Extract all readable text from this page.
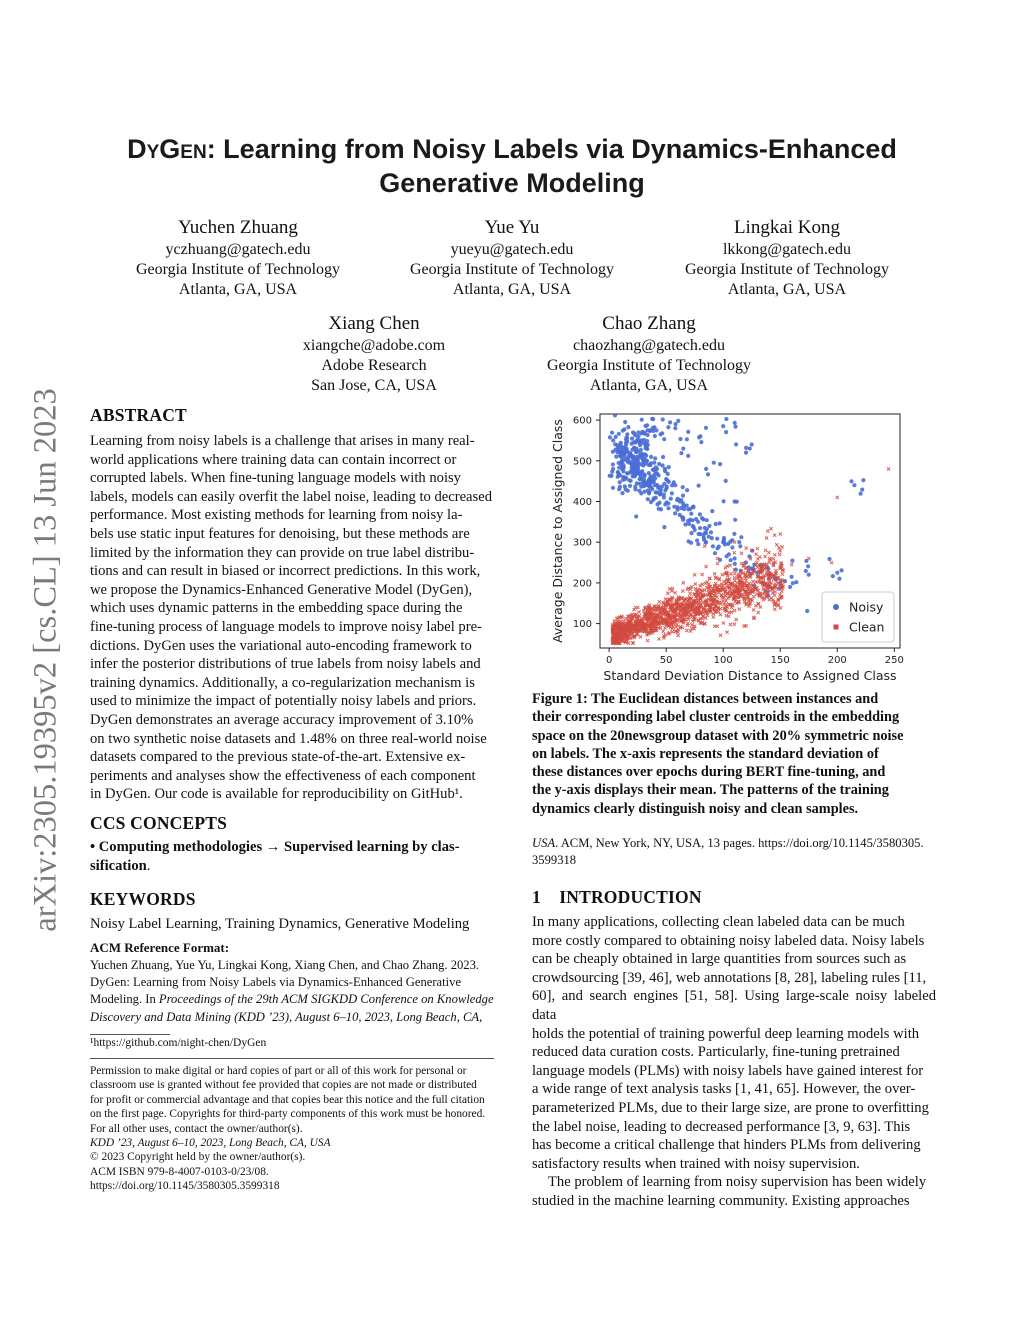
arXiv:2305.19395v2 [cs.CL] 13 Jun 2023
DyGen: Learning from Noisy Labels via Dynamics-Enhanced
Generative Modeling
Yuchen Zhuang
yczhuang@gatech.edu
Georgia Institute of Technology
Atlanta, GA, USA
Yue Yu
yueyu@gatech.edu
Georgia Institute of Technology
Atlanta, GA, USA
Lingkai Kong
lkkong@gatech.edu
Georgia Institute of Technology
Atlanta, GA, USA
Xiang Chen
xiangche@adobe.com
Adobe Research
San Jose, CA, USA
Chao Zhang
chaozhang@gatech.edu
Georgia Institute of Technology
Atlanta, GA, USA
ABSTRACT
Learning from noisy labels is a challenge that arises in many real-
world applications where training data can contain incorrect or
corrupted labels. When fine-tuning language models with noisy
labels, models can easily overfit the label noise, leading to decreased
performance. Most existing methods for learning from noisy la-
bels use static input features for denoising, but these methods are
limited by the information they can provide on true label distribu-
tions and can result in biased or incorrect predictions. In this work,
we propose the Dynamics-Enhanced Generative Model (DyGen),
which uses dynamic patterns in the embedding space during the
fine-tuning process of language models to improve noisy label pre-
dictions. DyGen uses the variational auto-encoding framework to
infer the posterior distributions of true labels from noisy labels and
training dynamics. Additionally, a co-regularization mechanism is
used to minimize the impact of potentially noisy labels and priors.
DyGen demonstrates an average accuracy improvement of 3.10%
on two synthetic noise datasets and 1.48% on three real-world noise
datasets compared to the previous state-of-the-art. Extensive ex-
periments and analyses show the effectiveness of each component
in DyGen. Our code is available for reproducibility on GitHub¹.
CCS CONCEPTS
• Computing methodologies → Supervised learning by clas-
sification.
KEYWORDS
Noisy Label Learning, Training Dynamics, Generative Modeling
ACM Reference Format:
Yuchen Zhuang, Yue Yu, Lingkai Kong, Xiang Chen, and Chao Zhang. 2023.
DyGen: Learning from Noisy Labels via Dynamics-Enhanced Generative
Modeling. In Proceedings of the 29th ACM SIGKDD Conference on Knowledge
Discovery and Data Mining (KDD ’23), August 6–10, 2023, Long Beach, CA,
¹https://github.com/night-chen/DyGen
Permission to make digital or hard copies of part or all of this work for personal or
classroom use is granted without fee provided that copies are not made or distributed
for profit or commercial advantage and that copies bear this notice and the full citation
on the first page. Copyrights for third-party components of this work must be honored.
For all other uses, contact the owner/author(s).
KDD ’23, August 6–10, 2023, Long Beach, CA, USA
© 2023 Copyright held by the owner/author(s).
ACM ISBN 979-8-4007-0103-0/23/08.
https://doi.org/10.1145/3580305.3599318
0	50	100	150	200	250
100
200
300
400
500
600
Average Distance to Assigned Class
Standard Deviation Distance to Assigned Class
Noisy
Clean
Figure 1: The Euclidean distances between instances and
their corresponding label cluster centroids in the embedding
space on the 20newsgroup dataset with 20% symmetric noise
on labels. The x-axis represents the standard deviation of
these distances over epochs during BERT fine-tuning, and
the y-axis displays their mean. The patterns of the training
dynamics clearly distinguish noisy and clean samples.
USA. ACM, New York, NY, USA, 13 pages. https://doi.org/10.1145/3580305.
3599318
1    INTRODUCTION
In many applications, collecting clean labeled data can be much
more costly compared to obtaining noisy labeled data. Noisy labels
can be cheaply obtained in large quantities from sources such as
crowdsourcing [39, 46], web annotations [8, 28], labeling rules [11,
60], and search engines [51, 58]. Using large-scale noisy labeled data
holds the potential of training powerful deep learning models with
reduced data curation costs. Particularly, fine-tuning pretrained
language models (PLMs) with noisy labels have gained interest for
a wide range of text analysis tasks [1, 41, 65]. However, the over-
parameterized PLMs, due to their large size, are prone to overfitting
the label noise, leading to decreased performance [3, 9, 63]. This
has become a critical challenge that hinders PLMs from delivering
satisfactory results when trained with noisy supervision.
The problem of learning from noisy supervision has been widely
studied in the machine learning community. Existing approaches
